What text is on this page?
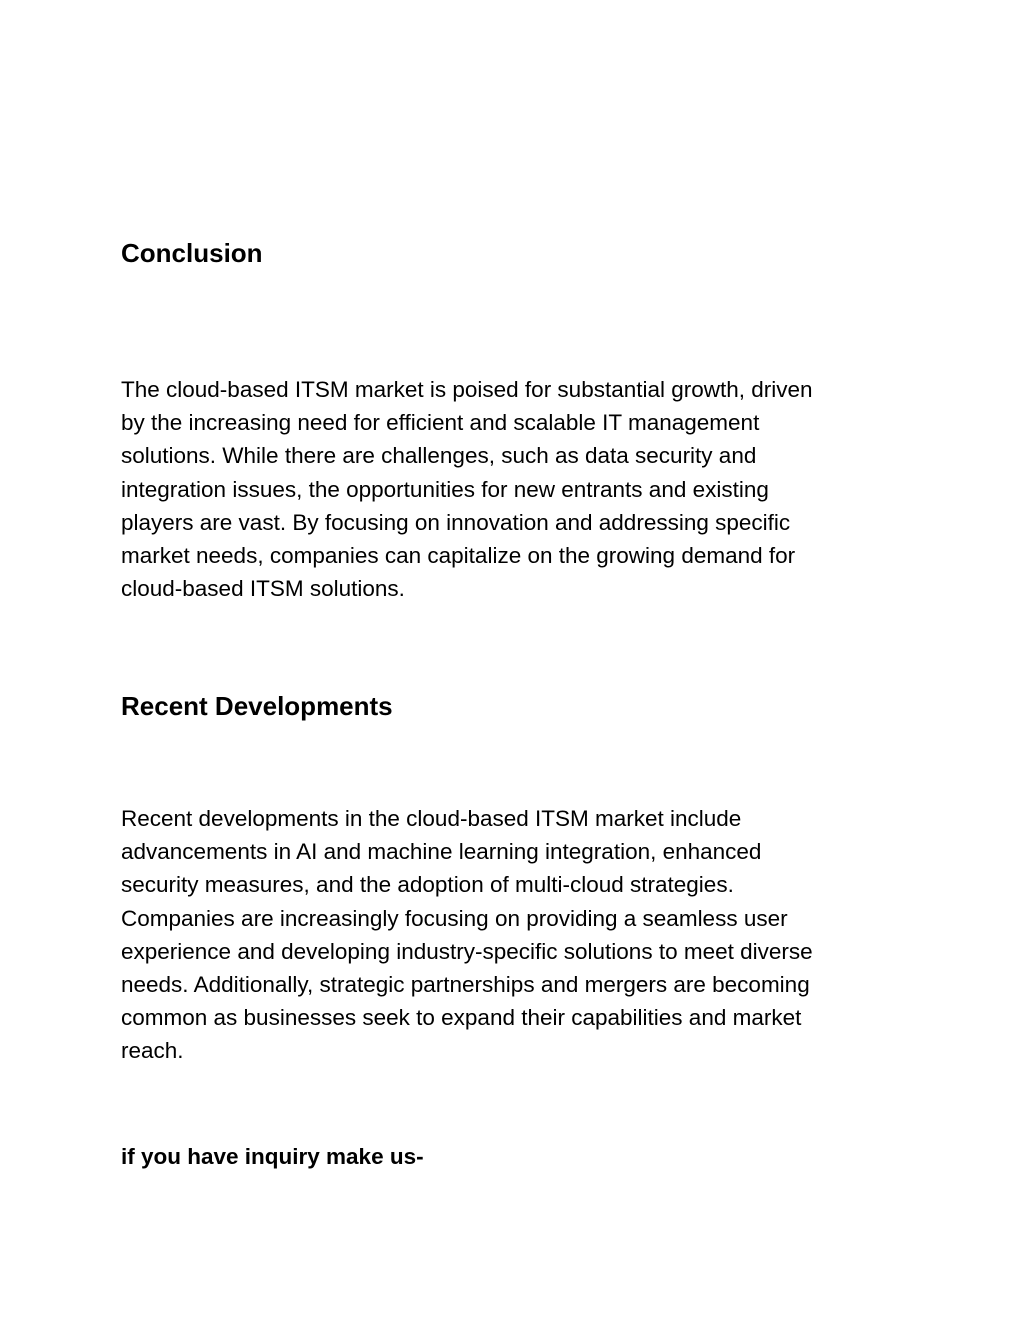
Conclusion
The cloud-based ITSM market is poised for substantial growth, driven
by the increasing need for efficient and scalable IT management
solutions. While there are challenges, such as data security and
integration issues, the opportunities for new entrants and existing
players are vast. By focusing on innovation and addressing specific
market needs, companies can capitalize on the growing demand for
cloud-based ITSM solutions.
Recent Developments
Recent developments in the cloud-based ITSM market include
advancements in AI and machine learning integration, enhanced
security measures, and the adoption of multi-cloud strategies.
Companies are increasingly focusing on providing a seamless user
experience and developing industry-specific solutions to meet diverse
needs. Additionally, strategic partnerships and mergers are becoming
common as businesses seek to expand their capabilities and market
reach.

if you have inquiry make us-
